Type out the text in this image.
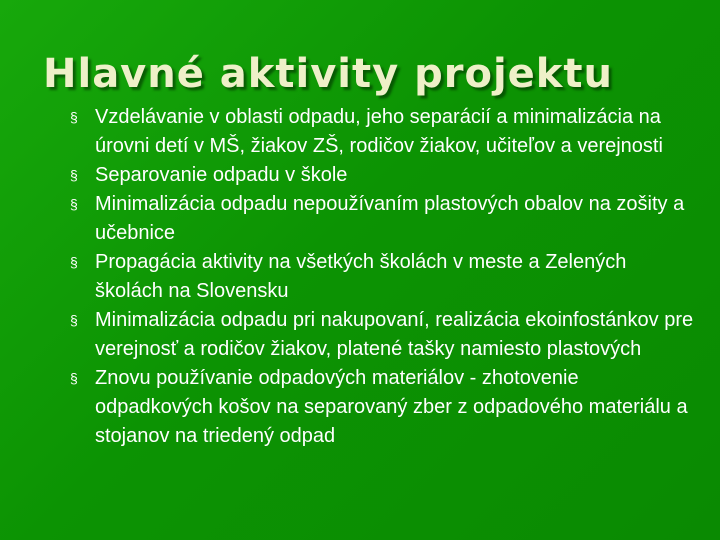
Hlavné aktivity projektu
§ Vzdelávanie v oblasti odpadu, jeho separácií a minimalizácia na úrovni detí v MŠ, žiakov ZŠ, rodičov žiakov, učiteľov a verejnosti
§ Separovanie odpadu v škole
§ Minimalizácia odpadu nepoužívaním plastových obalov na zošity a učebnice
§ Propagácia aktivity na všetkých školách v meste a Zelených školách na Slovensku
§ Minimalizácia odpadu pri nakupovaní, realizácia ekoinfostánkov pre verejnosť a rodičov žiakov, platené tašky namiesto plastových
§ Znovu používanie odpadových materiálov - zhotovenie odpadkových košov na separovaný zber z odpadového materiálu a stojanov na triedený odpad
